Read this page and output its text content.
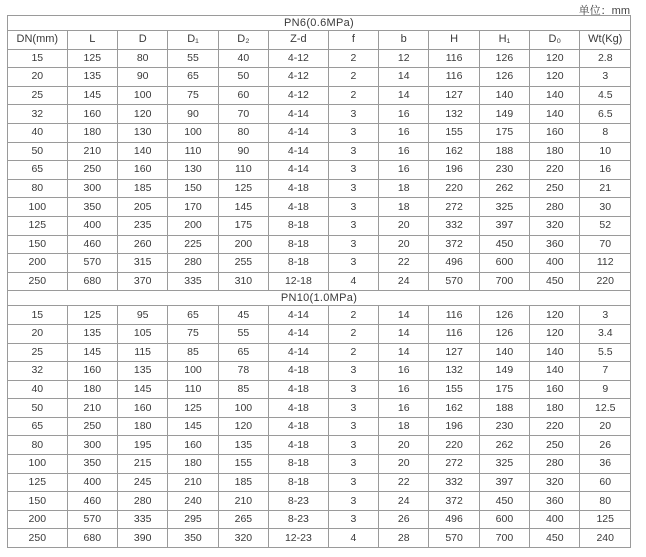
单位：mm
PN6(0.6MPa)											
DN(mm)	L	D	D₁	D₂	Z-d	f	b	H	H₁	D₀	Wt(Kg)
15	125	80	55	40	4-12	2	12	116	126	120	2.8
20	135	90	65	50	4-12	2	14	116	126	120	3
25	145	100	75	60	4-12	2	14	127	140	140	4.5
32	160	120	90	70	4-14	3	16	132	149	140	6.5
40	180	130	100	80	4-14	3	16	155	175	160	8
50	210	140	110	90	4-14	3	16	162	188	180	10
65	250	160	130	110	4-14	3	16	196	230	220	16
80	300	185	150	125	4-18	3	18	220	262	250	21
100	350	205	170	145	4-18	3	18	272	325	280	30
125	400	235	200	175	8-18	3	20	332	397	320	52
150	460	260	225	200	8-18	3	20	372	450	360	70
200	570	315	280	255	8-18	3	22	496	600	400	112
250	680	370	335	310	12-18	4	24	570	700	450	220
PN10(1.0MPa)											
15	125	95	65	45	4-14	2	14	116	126	120	3
20	135	105	75	55	4-14	2	14	116	126	120	3.4
25	145	115	85	65	4-14	2	14	127	140	140	5.5
32	160	135	100	78	4-18	3	16	132	149	140	7
40	180	145	110	85	4-18	3	16	155	175	160	9
50	210	160	125	100	4-18	3	16	162	188	180	12.5
65	250	180	145	120	4-18	3	18	196	230	220	20
80	300	195	160	135	4-18	3	20	220	262	250	26
100	350	215	180	155	8-18	3	20	272	325	280	36
125	400	245	210	185	8-18	3	22	332	397	320	60
150	460	280	240	210	8-23	3	24	372	450	360	80
200	570	335	295	265	8-23	3	26	496	600	400	125
250	680	390	350	320	12-23	4	28	570	700	450	240
